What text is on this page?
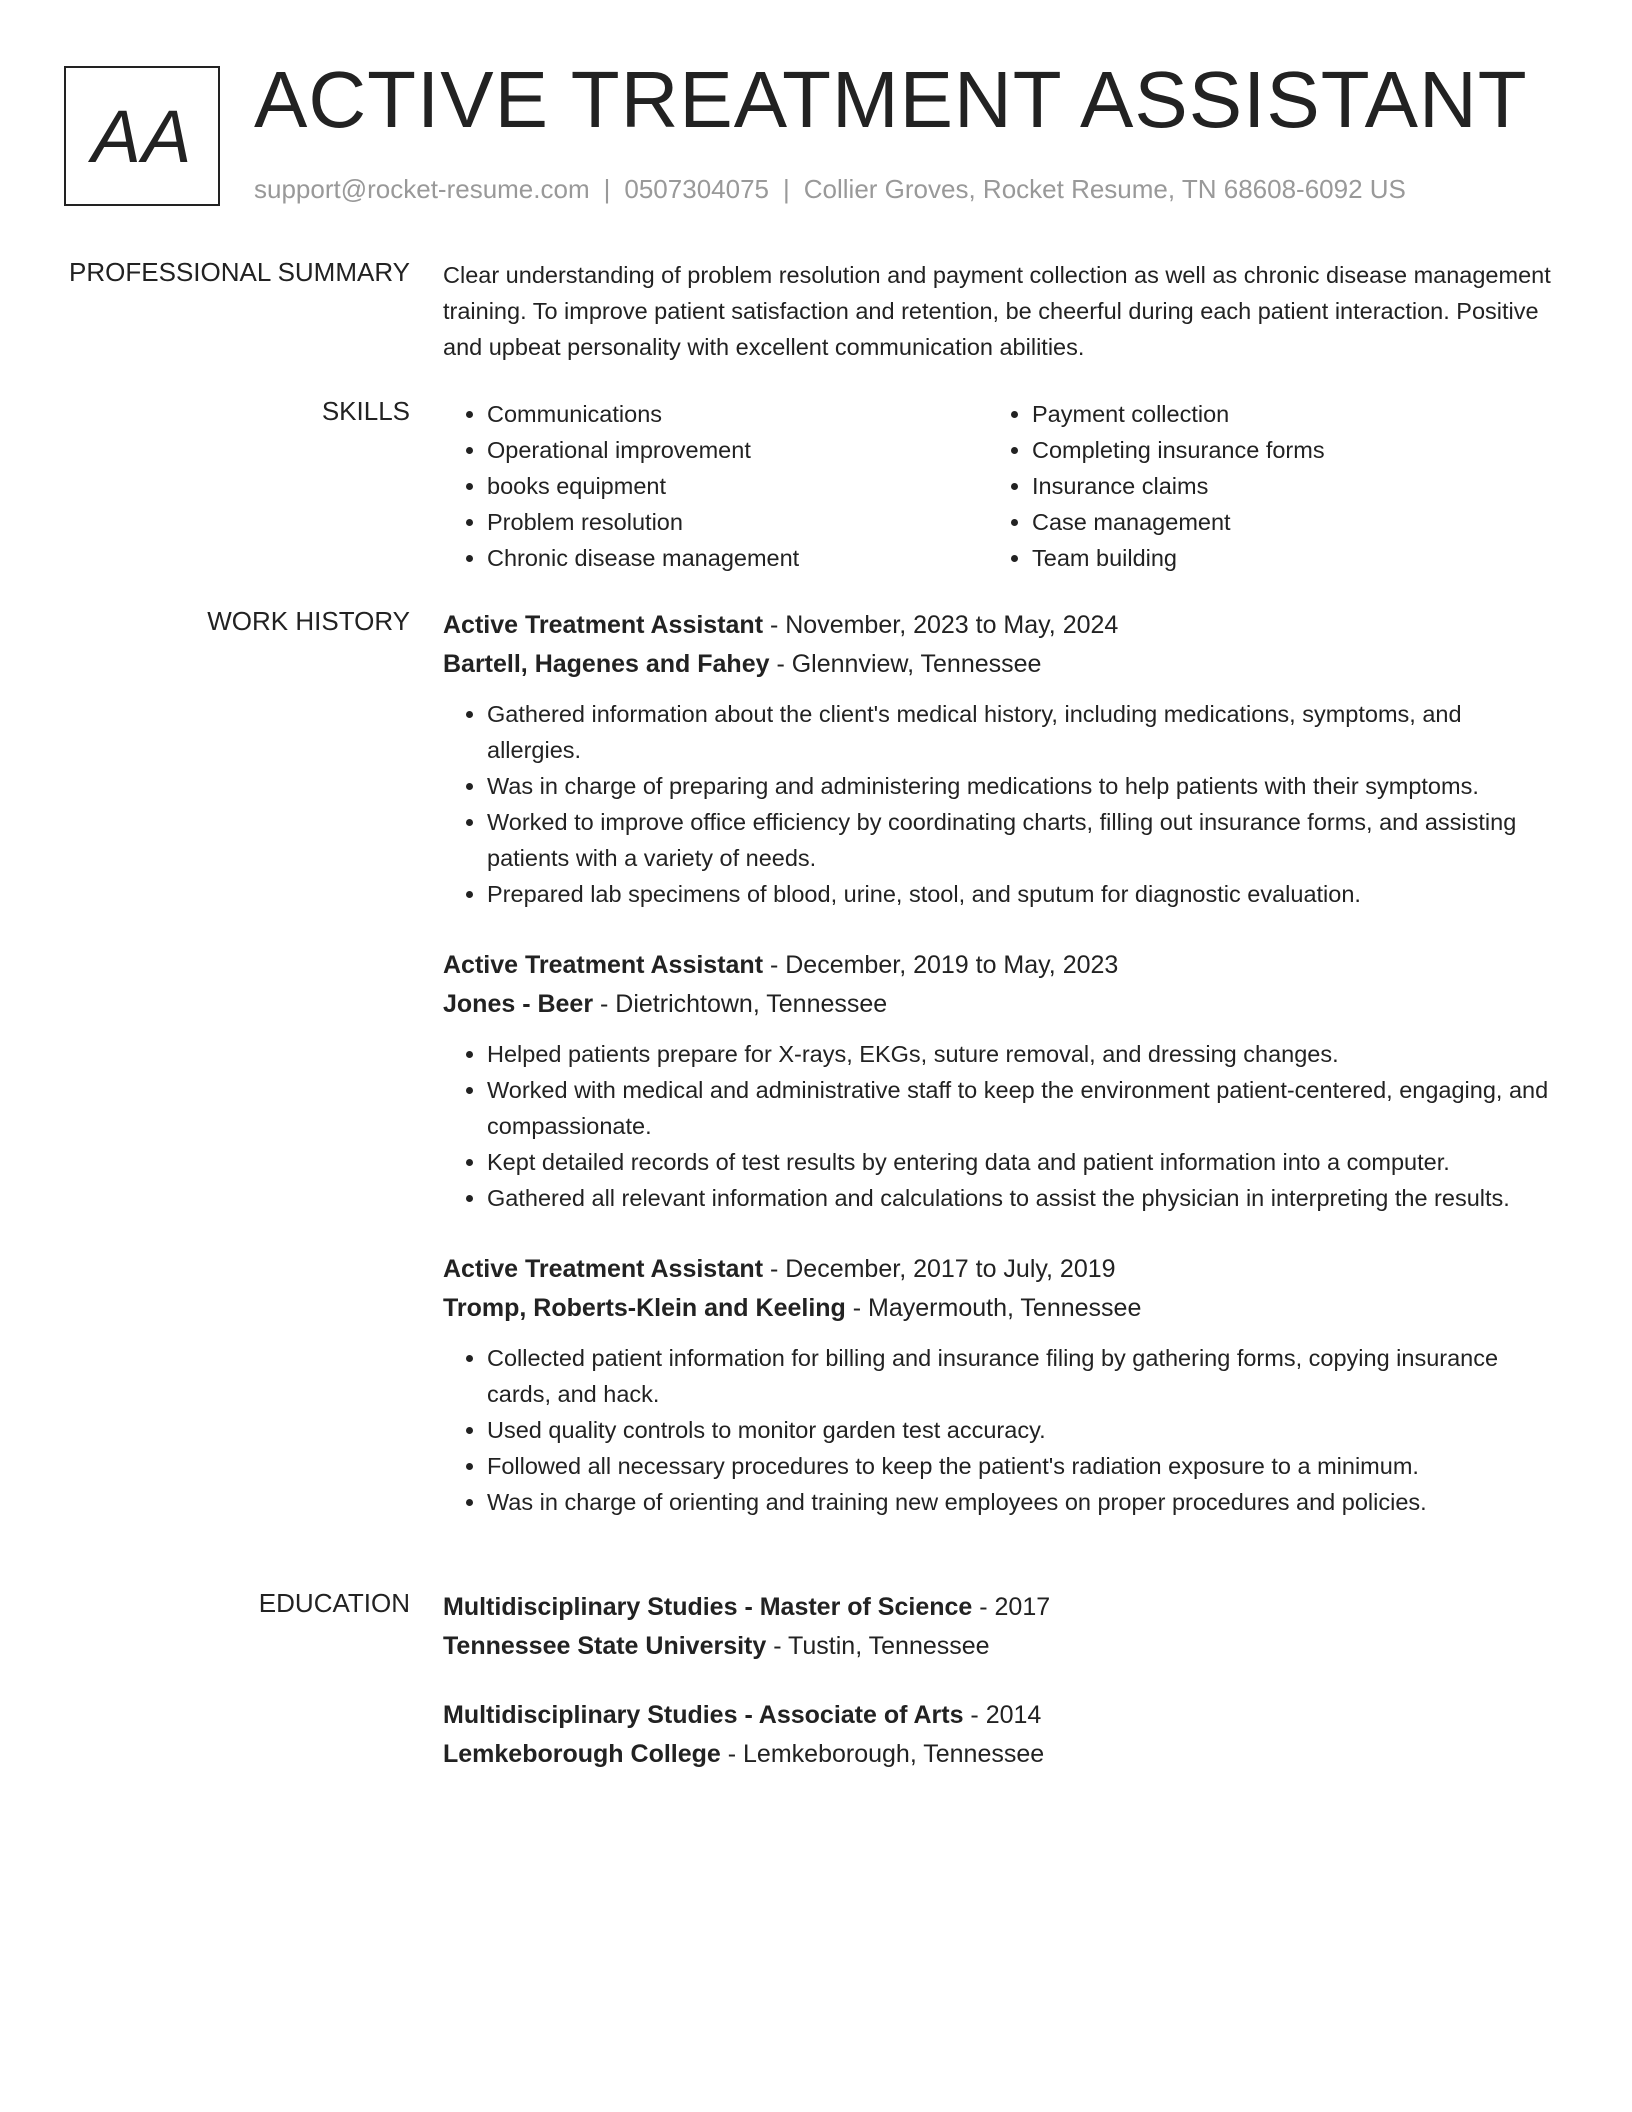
AA ACTIVE TREATMENT ASSISTANT
support@rocket-resume.com | 0507304075 | Collier Groves, Rocket Resume, TN 68608-6092 US
PROFESSIONAL SUMMARY Clear understanding of problem resolution and payment collection as well as chronic disease management training. To improve patient satisfaction and retention, be cheerful during each patient interaction. Positive and upbeat personality with excellent communication abilities.

SKILLS
•	Communications
• Operational improvement
• books equipment
• Problem resolution
• Chronic disease management
• Payment collection
• Completing insurance forms
• Insurance claims
• Case management
• Team building
WORK HISTORY Active Treatment Assistant - November, 2023 to May, 2024
Bartell, Hagenes and Fahey - Glennview, Tennessee
• Gathered information about the client's medical history, including medications, symptoms, and allergies.
• Was in charge of preparing and administering medications to help patients with their symptoms.
• Worked to improve office efficiency by coordinating charts, filling out insurance forms, and assisting patients with a variety of needs.
• Prepared lab specimens of blood, urine, stool, and sputum for diagnostic evaluation.
Active Treatment Assistant - December, 2019 to May, 2023
Jones - Beer - Dietrichtown, Tennessee
• Helped patients prepare for X-rays, EKGs, suture removal, and dressing changes.
• Worked with medical and administrative staff to keep the environment patient-centered, engaging, and compassionate.
• Kept detailed records of test results by entering data and patient information into a computer.
• Gathered all relevant information and calculations to assist the physician in interpreting the results.
Active Treatment Assistant - December, 2017 to July, 2019
Tromp, Roberts-Klein and Keeling - Mayermouth, Tennessee
• Collected patient information for billing and insurance filing by gathering forms, copying insurance cards, and hack.
• Used quality controls to monitor garden test accuracy.
• Followed all necessary procedures to keep the patient's radiation exposure to a minimum.
• Was in charge of orienting and training new employees on proper procedures and policies.
EDUCATION Multidisciplinary Studies - Master of Science - 2017
Tennessee State University - Tustin, Tennessee
Multidisciplinary Studies - Associate of Arts - 2014
Lemkeborough College - Lemkeborough, Tennessee
